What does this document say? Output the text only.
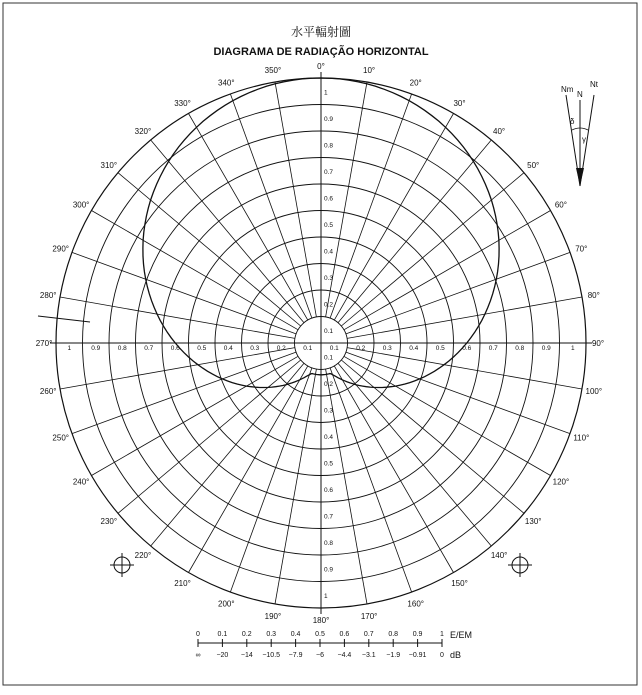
水平輻射圖
DIAGRAMA DE RADIAÇÃO HORIZONTAL
0°	10°
20°
30°
40°
50°
60°
70°
80°
90°
100°
110°
120°
130°
140°
150°
160°
170°
180°
190°
200°
210°
220°
230°
240°
250°
260°
270°
280°
290°
300°
310°
320°
330°
340°
350°
0.1
0.1
0.1
0.1
0.2
0.2
0.2
0.2
0.3
0.3
0.3
0.3
0.4
0.4
0.4
0.4
0.5
0.5
0.5
0.5
0.6
0.6
0.6
0.6
0.7
0.7
0.7
0.7
0.8
0.8
0.8
0.8
0.9
0.9
0.9
0.9
1
1
1
1
Nm
N
Nt
δ
γ
E/EM
dB
0	0.1 0.2 0.3 0.4 0.5 0.6 0.7 0.8 0.9	1
∞ −20 −14 −10.5 −7.9 −6 −4.4 −3.1 −1.9 −0.91 0
